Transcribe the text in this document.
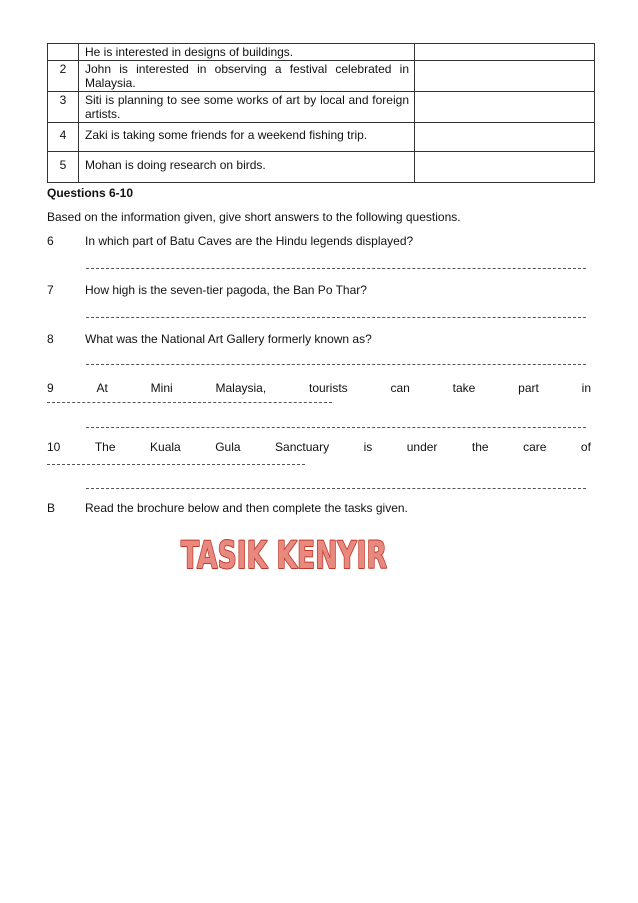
	He is interested in designs of buildings.	
2	John is interested in observing a festival celebrated in Malaysia.	
3	Siti is planning to see some works of art by local and foreign artists.	
4	Zaki is taking some friends for a weekend fishing trip.	
5	Mohan is doing research on birds.	
Questions 6-10
Based on the information given, give short answers to the following questions.
6	In which part of Batu Caves are the Hindu legends displayed?
7	How high is the seven-tier pagoda, the Ban Po Thar?
8	What was the National Art Gallery formerly known as?
9	At	Mini	Malaysia,	tourists	can	take	part	in
10	The	Kuala	Gula	Sanctuary	is	under	the	care	of
B Read the brochure below and then complete the tasks given.
TASIK KENYIR
